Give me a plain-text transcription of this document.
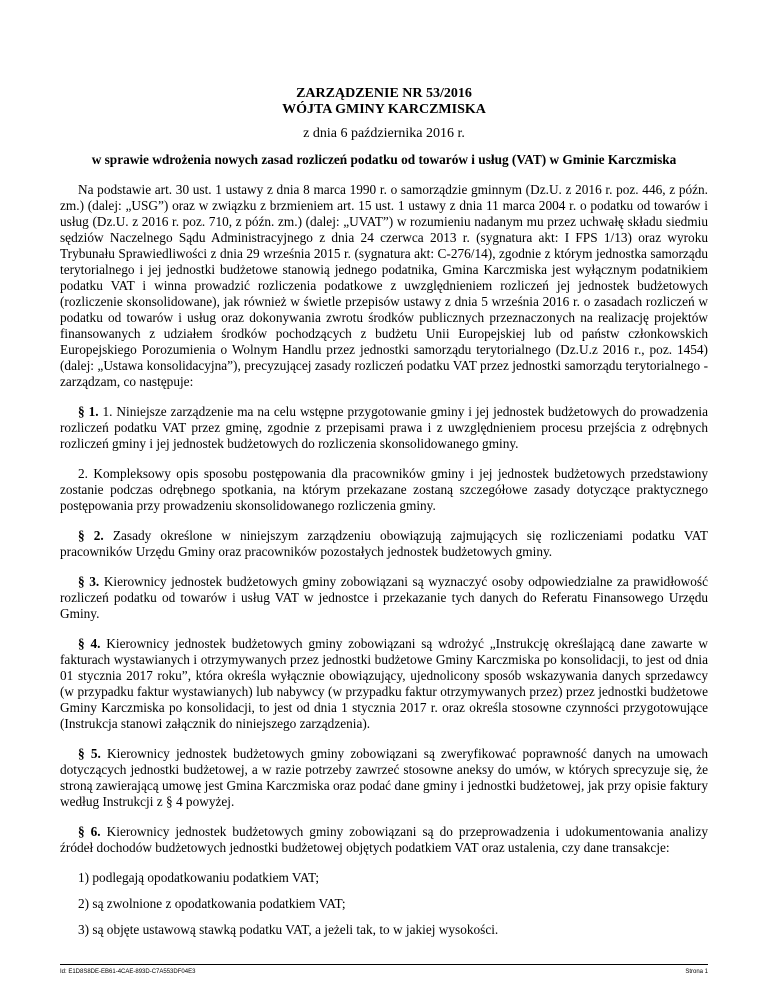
ZARZĄDZENIE NR 53/2016
WÓJTA GMINY KARCZMISKA
z dnia 6 października 2016 r.
w sprawie wdrożenia nowych zasad rozliczeń podatku od towarów i usług (VAT) w Gminie Karczmiska

Na podstawie art. 30 ust. 1 ustawy z dnia 8 marca 1990 r. o samorządzie gminnym (Dz.U. z 2016 r. poz. 446, z późn. zm.) (dalej: „USG”) oraz w związku z brzmieniem art. 15 ust. 1 ustawy z dnia 11 marca 2004 r. o podatku od towarów i usług (Dz.U. z 2016 r. poz. 710, z późn. zm.) (dalej: „UVAT”) w rozumieniu nadanym mu przez uchwałę składu siedmiu sędziów Naczelnego Sądu Administracyjnego z dnia 24 czerwca 2013 r. (sygnatura akt: I FPS 1/13) oraz wyroku Trybunału Sprawiedliwości z dnia 29 września 2015 r. (sygnatura akt: C-276/14), zgodnie z którym jednostka samorządu terytorialnego i jej jednostki budżetowe stanowią jednego podatnika, Gmina Karczmiska jest wyłącznym podatnikiem podatku VAT i winna prowadzić rozliczenia podatkowe z uwzględnieniem rozliczeń jej jednostek budżetowych (rozliczenie skonsolidowane), jak również w świetle przepisów ustawy z dnia 5 września 2016 r. o zasadach rozliczeń w podatku od towarów i usług oraz dokonywania zwrotu środków publicznych przeznaczonych na realizację projektów finansowanych z udziałem środków pochodzących z budżetu Unii Europejskiej lub od państw członkowskich Europejskiego Porozumienia o Wolnym Handlu przez jednostki samorządu terytorialnego (Dz.U.z 2016 r., poz. 1454) (dalej: „Ustawa konsolidacyjna”), precyzującej zasady rozliczeń podatku VAT przez jednostki samorządu terytorialnego - zarządzam, co następuje:

§ 1. 1. Niniejsze zarządzenie ma na celu wstępne przygotowanie gminy i jej jednostek budżetowych do prowadzenia rozliczeń podatku VAT przez gminę, zgodnie z przepisami prawa i z uwzględnieniem procesu przejścia z odrębnych rozliczeń gminy i jej jednostek budżetowych do rozliczenia skonsolidowanego gminy.

2. Kompleksowy opis sposobu postępowania dla pracowników gminy i jej jednostek budżetowych przedstawiony zostanie podczas odrębnego spotkania, na którym przekazane zostaną szczegółowe zasady dotyczące praktycznego postępowania przy prowadzeniu skonsolidowanego rozliczenia gminy.

§ 2. Zasady określone w niniejszym zarządzeniu obowiązują zajmujących się rozliczeniami podatku VAT pracowników Urzędu Gminy oraz pracowników pozostałych jednostek budżetowych gminy.

§ 3. Kierownicy jednostek budżetowych gminy zobowiązani są wyznaczyć osoby odpowiedzialne za prawidłowość rozliczeń podatku od towarów i usług VAT w jednostce i przekazanie tych danych do Referatu Finansowego Urzędu Gminy.

§ 4. Kierownicy jednostek budżetowych gminy zobowiązani są wdrożyć „Instrukcję określającą dane zawarte w fakturach wystawianych i otrzymywanych przez jednostki budżetowe Gminy Karczmiska po konsolidacji, to jest od dnia 01 stycznia 2017 roku”, która określa wyłącznie obowiązujący, ujednolicony sposób wskazywania danych sprzedawcy (w przypadku faktur wystawianych) lub nabywcy (w przypadku faktur otrzymywanych przez) przez jednostki budżetowe Gminy Karczmiska po konsolidacji, to jest od dnia 1 stycznia 2017 r. oraz określa stosowne czynności przygotowujące (Instrukcja stanowi załącznik do niniejszego zarządzenia).

§ 5. Kierownicy jednostek budżetowych gminy zobowiązani są zweryfikować poprawność danych na umowach dotyczących jednostki budżetowej, a w razie potrzeby zawrzeć stosowne aneksy do umów, w których sprecyzuje się, że stroną zawierającą umowę jest Gmina Karczmiska oraz podać dane gminy i jednostki budżetowej, jak przy opisie faktury według Instrukcji z § 4 powyżej.

§ 6. Kierownicy jednostek budżetowych gminy zobowiązani są do przeprowadzenia i udokumentowania analizy źródeł dochodów budżetowych jednostki budżetowej objętych podatkiem VAT oraz ustalenia, czy dane transakcje:

1) podlegają opodatkowaniu podatkiem VAT;

2) są zwolnione z opodatkowania podatkiem VAT;

3) są objęte ustawową stawką podatku VAT, a jeżeli tak, to w jakiej wysokości.

Id: E1D8S8DE-EB61-4CAE-893D-C7A553DF04E3	Strona 1
